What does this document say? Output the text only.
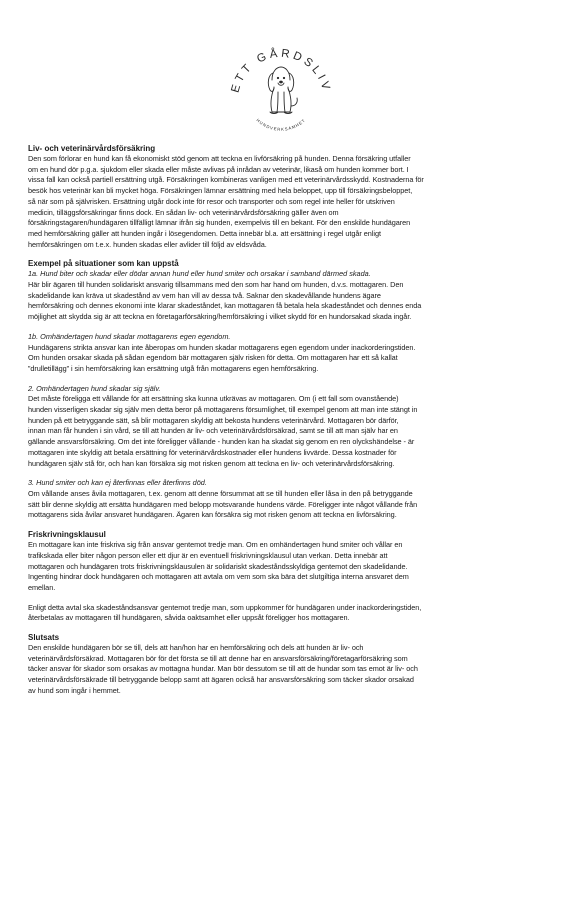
ETT GÅRDSLIV
HUNDVERKSAMHET

Liv- och veterinärvårdsförsäkring

Den som förlorar en hund kan få ekonomiskt stöd genom att teckna en livförsäkring på hunden. Denna försäkring utfaller

om en hund dör p.g.a. sjukdom eller skada eller måste avlivas på inrådan av veterinär, likaså om hunden kommer bort. I

vissa fall kan också partiell ersättning utgå. Försäkringen kombineras vanligen med ett veterinärvårdsskydd. Kostnaderna för

besök hos veterinär kan bli mycket höga. Försäkringen lämnar ersättning med hela beloppet, upp till försäkringsbeloppet,

så när som på självrisken. Ersättning utgår dock inte för resor och transporter och som regel inte heller för utskriven

medicin, tilläggsförsäkringar finns dock. En sådan liv- och veterinärvårdsförsäkring gäller även om

försäkringstagaren/hundägaren tillfälligt lämnar ifrån sig hunden, exempelvis till en bekant. För den enskilde hundägaren

med hemförsäkring gäller att hunden ingår i lösegendomen. Detta innebär bl.a. att ersättning i regel utgår enligt

hemförsäkringen om t.e.x. hunden skadas eller avlider till följd av eldsvåda.

Exempel på situationer som kan uppstå

1a. Hund biter och skadar eller dödar annan hund eller hund smiter och orsakar i samband därmed skada.

Här blir ägaren till hunden solidariskt ansvarig tillsammans med den som har hand om hunden, d.v.s. mottagaren. Den

skadelidande kan kräva ut skadestånd av vem han vill av dessa två. Saknar den skadevållande hundens ägare

hemförsäkring och dennes ekonomi inte klarar skadeståndet, kan mottagaren få betala hela skadeståndet och dennes enda

möjlighet att skydda sig är att teckna en företagarförsäkring/hemförsäkring i vilket skydd för en hundorsakad skada ingår.

1b. Omhändertagen hund skadar mottagarens egen egendom.

Hundägarens strikta ansvar kan inte åberopas om hunden skadar mottagarens egen egendom under inackorderingstiden.

Om hunden orsakar skada på sådan egendom bär mottagaren själv risken för detta. Om mottagaren har ett så kallat

”drulletillägg” i sin hemförsäkring kan ersättning utgå från mottagarens egen hemförsäkring.

2. Omhändertagen hund skadar sig själv.

Det måste föreligga ett vållande för att ersättning ska kunna utkrävas av mottagaren. Om (i ett fall som ovanstående)

hunden visserligen skadar sig själv men detta beror på mottagarens försumlighet, till exempel genom att man inte stängt in

hunden på ett betryggande sätt, så blir mottagaren skyldig att bekosta hundens veterinärvård. Mottagaren bör därför,

innan man får hunden i sin vård, se till att hunden är liv- och veterinärvårdsförsäkrad, samt se till att man själv har en

gällande ansvarsförsäkring. Om det inte föreligger vållande - hunden kan ha skadat sig genom en ren olyckshändelse - är

mottagaren inte skyldig att betala ersättning för veterinärvårdskostnader eller hundens livvärde. Dessa kostnader för

hundägaren själv stå för, och han kan försäkra sig mot risken genom att teckna en liv- och veterinärvårdsförsäkring.

3. Hund smiter och kan ej återfinnas eller återfinns död.

Om vållande anses åvila mottagaren, t.ex. genom att denne försummat att se till hunden eller låsa in den på betryggande

sätt blir denne skyldig att ersätta hundägaren med belopp motsvarande hundens värde. Föreligger inte något vållande från

mottagarens sida åvilar ansvaret hundägaren. Ägaren kan försäkra sig mot risken genom att teckna en livförsäkring.

Friskrivningsklausul

En mottagare kan inte friskriva sig från ansvar gentemot tredje man. Om en omhändertagen hund smiter och vållar en

trafikskada eller biter någon person eller ett djur är en eventuell friskrivningsklausul utan verkan. Detta innebär att

mottagaren och hundägaren trots friskrivningsklausulen är solidariskt skadeståndsskyldiga gentemot den skadelidande.

Ingenting hindrar dock hundägaren och mottagaren att avtala om vem som ska bära det slutgiltiga interna ansvaret dem

emellan.

Enligt detta avtal ska skadeståndsansvar gentemot tredje man, som uppkommer för hundägaren under inackorderingstiden,

återbetalas av mottagaren till hundägaren, såvida oaktsamhet eller uppsåt föreligger hos mottagaren.

Slutsats

Den enskilde hundägaren bör se till, dels att han/hon har en hemförsäkring och dels att hunden är liv- och

veterinärvårdsförsäkrad. Mottagaren bör för det första se till att denne har en ansvarsförsäkring/företagarförsäkring som

täcker ansvar för skador som orsakas av mottagna hundar. Man bör dessutom se till att de hundar som tas emot är liv- och

veterinärvårdsförsäkrade till betryggande belopp samt att ägaren också har ansvarsförsäkring som täcker skador orsakad

av hund som ingår i hemmet.
